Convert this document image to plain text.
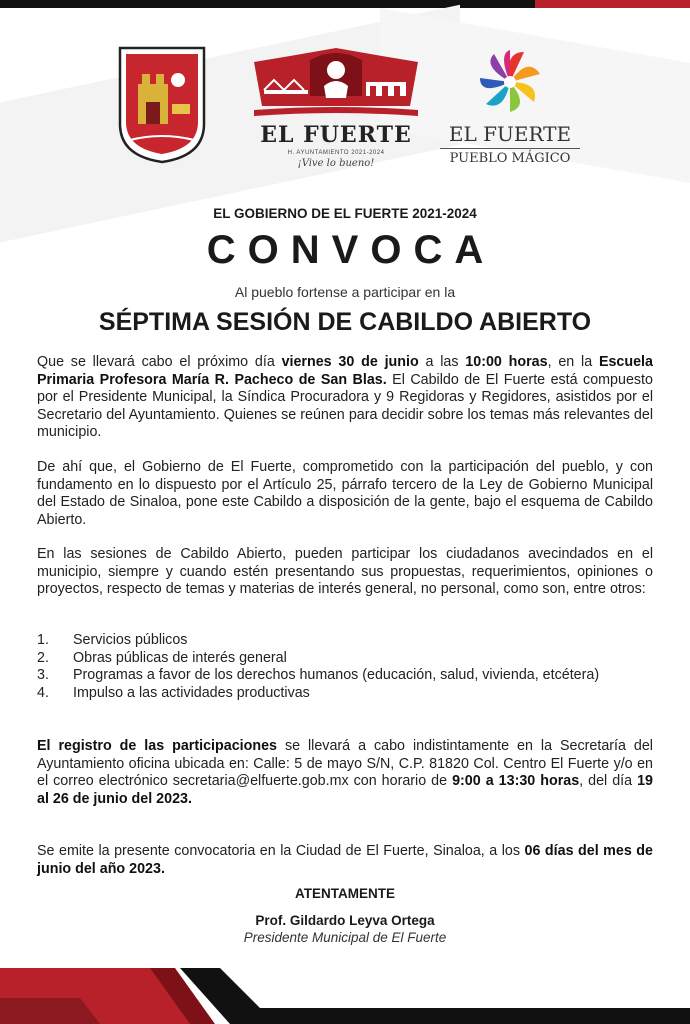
EL FUERTE
H. AYUNTAMIENTO 2021-2024
¡Vive lo bueno!
EL FUERTE
PUEBLO MÁGICO
EL GOBIERNO DE EL FUERTE 2021-2024
CONVOCA
Al pueblo fortense a participar en la
SÉPTIMA SESIÓN DE CABILDO ABIERTO
Que se llevará cabo el próximo día viernes 30 de junio a las 10:00 horas, en la Escuela Primaria Profesora María R. Pacheco de San Blas. El Cabildo de El Fuerte está compuesto por el Presidente Municipal, la Síndica Procuradora y 9 Regidoras y Regidores, asistidos por el Secretario del Ayuntamiento. Quienes se reúnen para decidir sobre los temas más relevantes del municipio.
De ahí que, el Gobierno de El Fuerte, comprometido con la participación del pueblo, y con fundamento en lo dispuesto por el Artículo 25, párrafo tercero de la Ley de Gobierno Municipal del Estado de Sinaloa, pone este Cabildo a disposición de la gente, bajo el esquema de Cabildo Abierto.
En las sesiones de Cabildo Abierto, pueden participar los ciudadanos avecindados en el municipio, siempre y cuando estén presentando sus propuestas, requerimientos, opiniones o proyectos, respecto de temas y materias de interés general, no personal, como son, entre otros:
1.	Servicios públicos
2.	Obras públicas de interés general
3.	Programas a favor de los derechos humanos (educación, salud, vivienda, etcétera)
4.	Impulso a las actividades productivas
El registro de las participaciones se llevará a cabo indistintamente en la Secretaría del Ayuntamiento oficina ubicada en: Calle: 5 de mayo S/N, C.P. 81820 Col. Centro El Fuerte y/o en el correo electrónico secretaria@elfuerte.gob.mx con horario de 9:00 a 13:30 horas, del día 19 al 26 de junio del 2023.
Se emite la presente convocatoria en la Ciudad de El Fuerte, Sinaloa, a los 06 días del mes de junio del año 2023.
ATENTAMENTE
Prof. Gildardo Leyva Ortega
Presidente Municipal de El Fuerte
